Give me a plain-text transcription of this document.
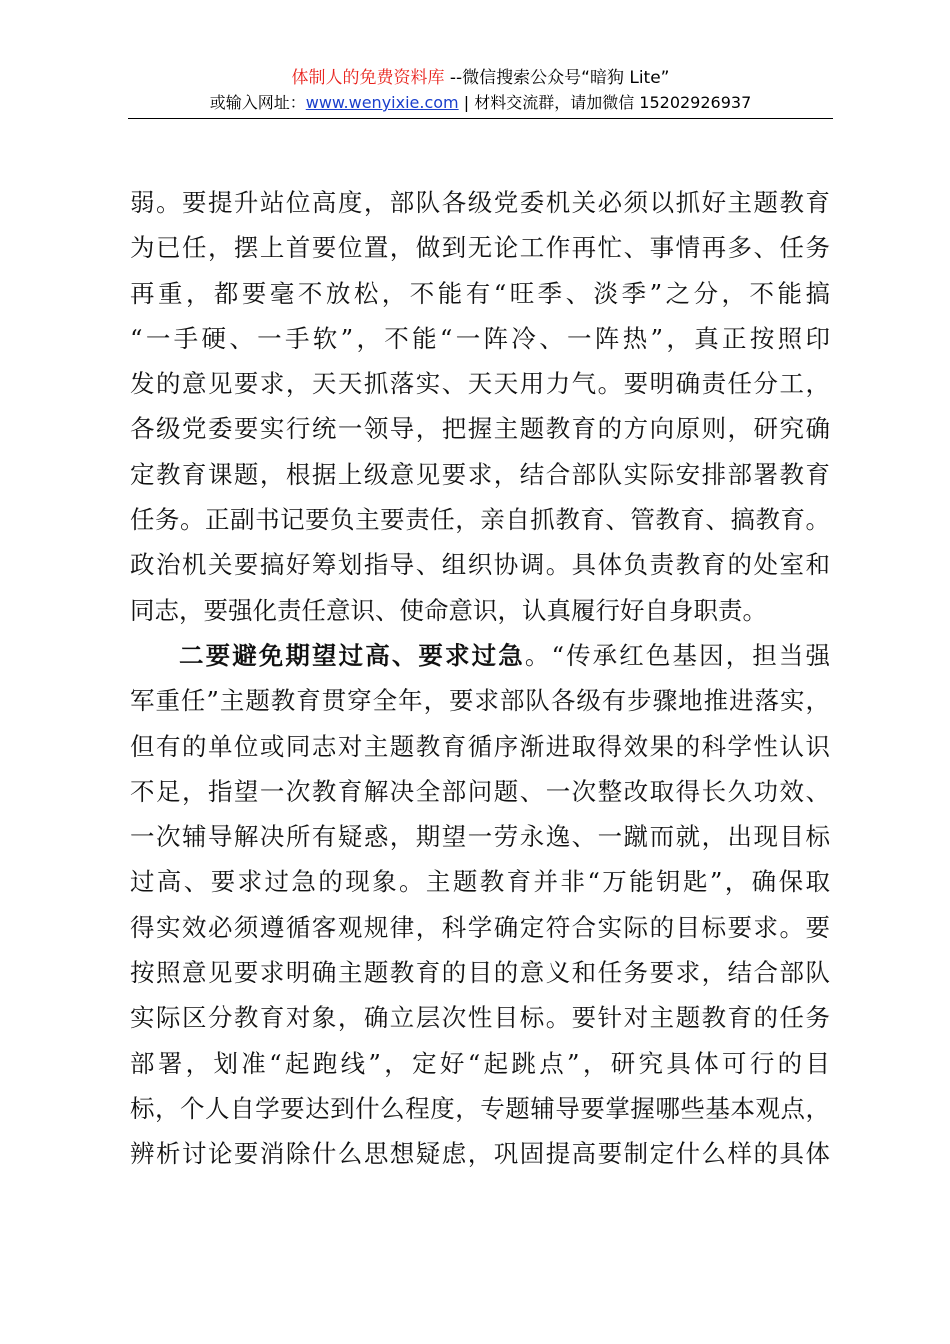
体制人的免费资料库 --微信搜索公众号“暗狗 Lite”
或输入网址：www.wenyixie.com | 材料交流群，请加微信 15202926937
弱。要提升站位高度，部队各级党委机关必须以抓好主题教育
为已任，摆上首要位置，做到无论工作再忙、事情再多、任务
再重，都要毫不放松，不能有“旺季、淡季”之分，不能搞
“一手硬、一手软”，不能“一阵冷、一阵热”，真正按照印
发的意见要求，天天抓落实、天天用力气。要明确责任分工，
各级党委要实行统一领导，把握主题教育的方向原则，研究确
定教育课题，根据上级意见要求，结合部队实际安排部署教育
任务。正副书记要负主要责任，亲自抓教育、管教育、搞教育。
政治机关要搞好筹划指导、组织协调。具体负责教育的处室和
同志，要强化责任意识、使命意识，认真履行好自身职责。
二要避免期望过高、要求过急。“传承红色基因，担当强
军重任”主题教育贯穿全年，要求部队各级有步骤地推进落实，
但有的单位或同志对主题教育循序渐进取得效果的科学性认识
不足，指望一次教育解决全部问题、一次整改取得长久功效、
一次辅导解决所有疑惑，期望一劳永逸、一蹴而就，出现目标
过高、要求过急的现象。主题教育并非“万能钥匙”，确保取
得实效必须遵循客观规律，科学确定符合实际的目标要求。要
按照意见要求明确主题教育的目的意义和任务要求，结合部队
实际区分教育对象，确立层次性目标。要针对主题教育的任务
部署，划准“起跑线”，定好“起跳点”，研究具体可行的目
标，个人自学要达到什么程度，专题辅导要掌握哪些基本观点，
辨析讨论要消除什么思想疑虑，巩固提高要制定什么样的具体
